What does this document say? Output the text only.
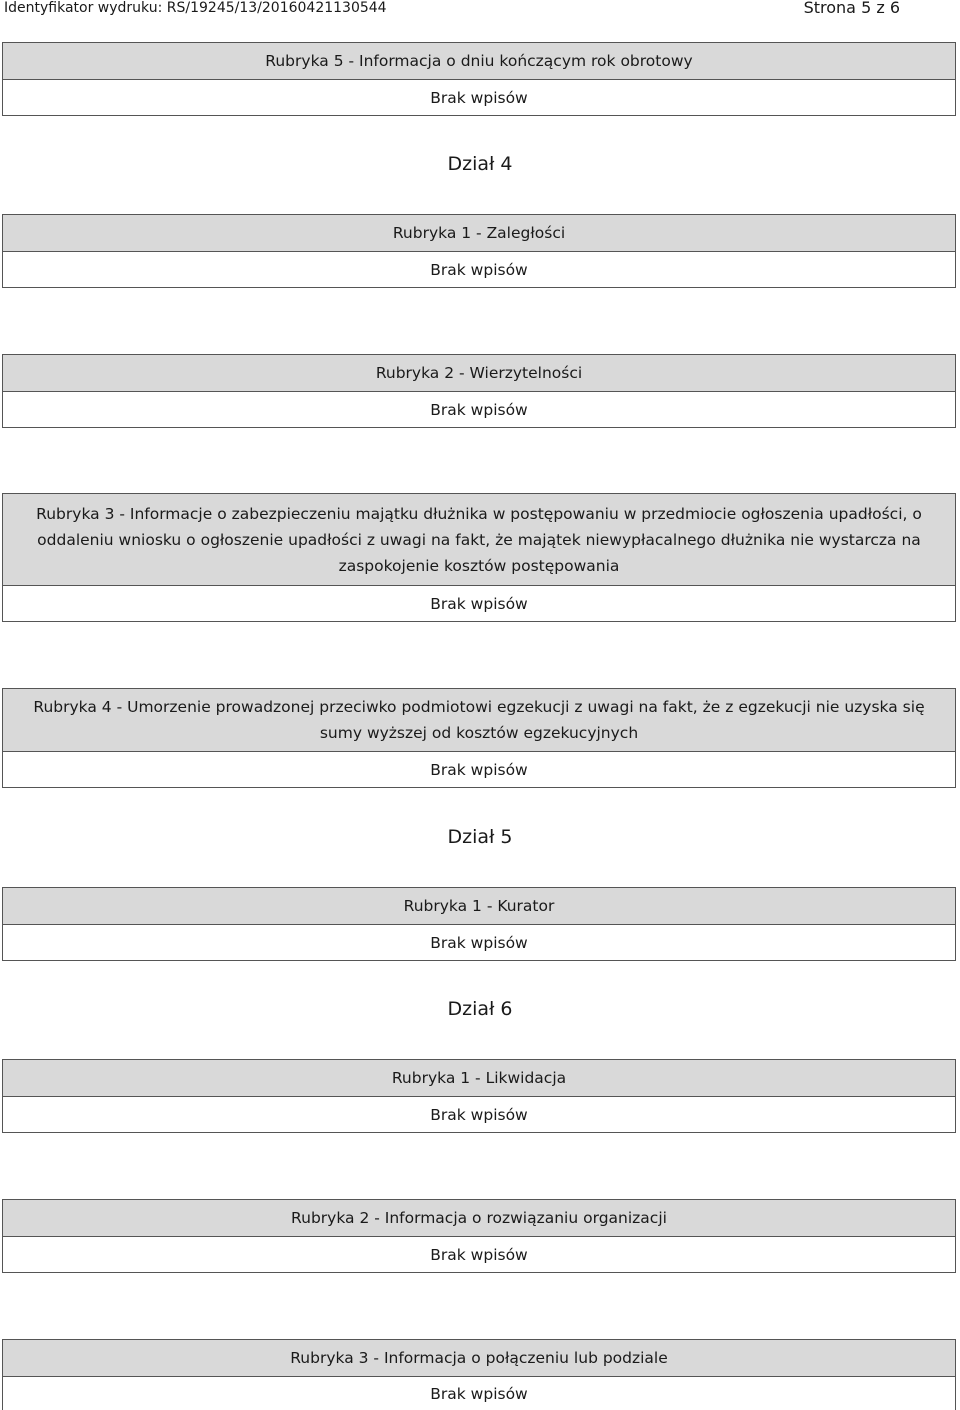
Identyfikator wydruku: RS/19245/13/20160421130544	Strona 5 z 6
Rubryka 5 - Informacja o dniu kończącym rok obrotowy
Brak wpisów
Dział 4
Rubryka 1 - Zaległości
Brak wpisów
Rubryka 2 - Wierzytelności
Brak wpisów
Rubryka 3 - Informacje o zabezpieczeniu majątku dłużnika w postępowaniu w przedmiocie ogłoszenia upadłości, o oddaleniu wniosku o ogłoszenie upadłości z uwagi na fakt, że majątek niewypłacalnego dłużnika nie wystarcza na zaspokojenie kosztów postępowania
Brak wpisów
Rubryka 4 - Umorzenie prowadzonej przeciwko podmiotowi egzekucji z uwagi na fakt, że z egzekucji nie uzyska się sumy wyższej od kosztów egzekucyjnych
Brak wpisów
Dział 5
Rubryka 1 - Kurator
Brak wpisów
Dział 6
Rubryka 1 - Likwidacja
Brak wpisów
Rubryka 2 - Informacja o rozwiązaniu organizacji
Brak wpisów
Rubryka 3 - Informacja o połączeniu lub podziale
Brak wpisów
